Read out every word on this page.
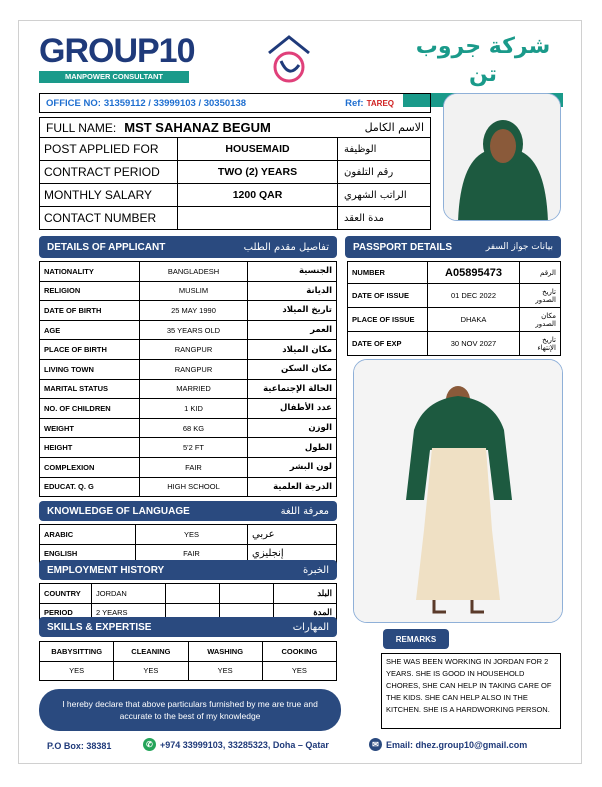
GROUP10
MANPOWER CONSULTANT
شركة جروب تن
OFFICE NO: 31359112 / 33999103 / 30350138	Ref: TAREQ
FULL NAME: MST SAHANAZ BEGUM الاسم الكامل		

POST APPLIED FOR	HOUSEMAID	الوظيفة
CONTRACT PERIOD	TWO (2) YEARS	رقم التلفون
MONTHLY SALARY	1200 QAR	الراتب الشهري
CONTACT NUMBER		مدة العقد
DETAILS OF APPLICANT	تفاصيل مقدم الطلب
NATIONALITY	BANGLADESH	الجنسية
RELIGION	MUSLIM	الديانة
DATE OF BIRTH	25 MAY 1990	تاريخ الميلاد
AGE	35 YEARS OLD	العمر
PLACE OF BIRTH	RANGPUR	مكان الميلاد
LIVING TOWN	RANGPUR	مكان السكن
MARITAL STATUS	MARRIED	الحالة الإجتماعية
NO. OF CHILDREN	1 KID	عدد الأطفال
WEIGHT	68 KG	الوزن
HEIGHT	5'2 FT	الطول
COMPLEXION	FAIR	لون البشر
EDUCAT. Q. G	HIGH SCHOOL	الدرجة العلمية
PASSPORT DETAILS	بيانات جواز السفر
NUMBER	A05895473	الرقم
DATE OF ISSUE	01 DEC 2022	تاريخ الصدور
PLACE OF ISSUE	DHAKA	مكان الصدور
DATE OF EXP	30 NOV 2027	تاريخ الإنتهاء
KNOWLEDGE OF LANGUAGE	معرفة اللغة
ARABIC	YES	عربي
ENGLISH	FAIR	إنجليزي
EMPLOYMENT HISTORY	الخبرة
COUNTRY	JORDAN			البلد
PERIOD	2 YEARS			المدة
SKILLS & EXPERTISE	المهارات
BABYSITTING	CLEANING	WASHING	COOKING
YES	YES	YES	YES
REMARKS
SHE WAS BEEN WORKING IN JORDAN FOR 2 YEARS. SHE IS GOOD IN HOUSEHOLD CHORES, SHE CAN HELP IN TAKING CARE OF THE KIDS. SHE CAN HELP ALSO IN THE KITCHEN. SHE IS A HARDWORKING PERSON.
I hereby declare that above particulars furnished by me are true and accurate to the best of my knowledge
P.O Box: 38381	✆ +974 33999103, 33285323, Doha – Qatar	✉ Email: dhez.group10@gmail.com
